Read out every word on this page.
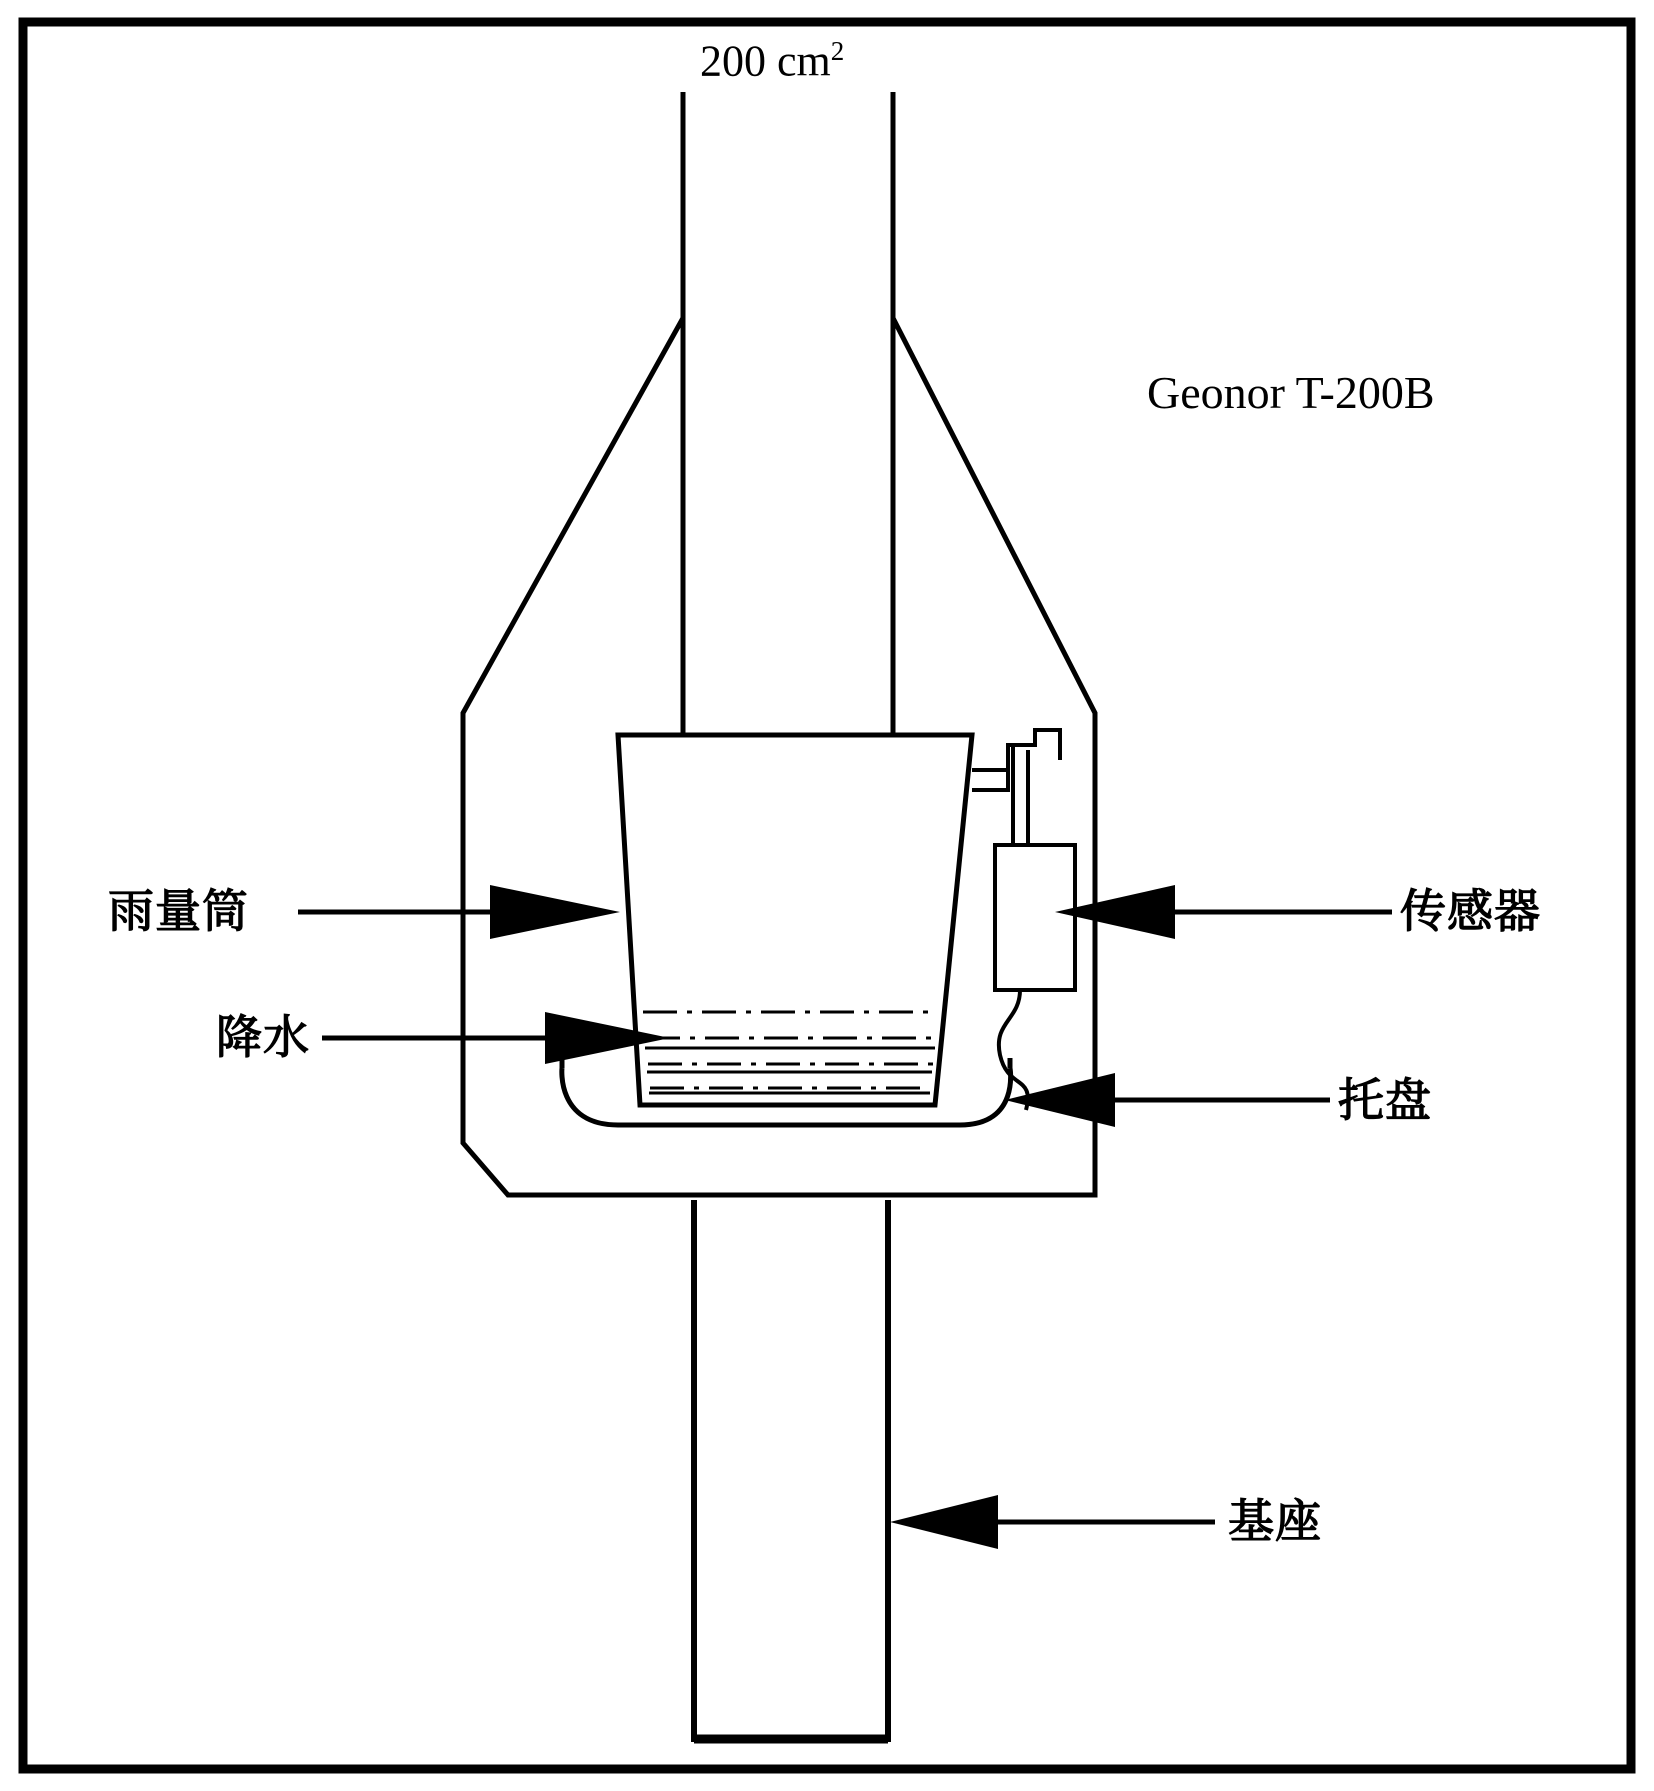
200 $cm^2$
Geonor T-200B
雨量筒
降水
传感器
托盘
基座
